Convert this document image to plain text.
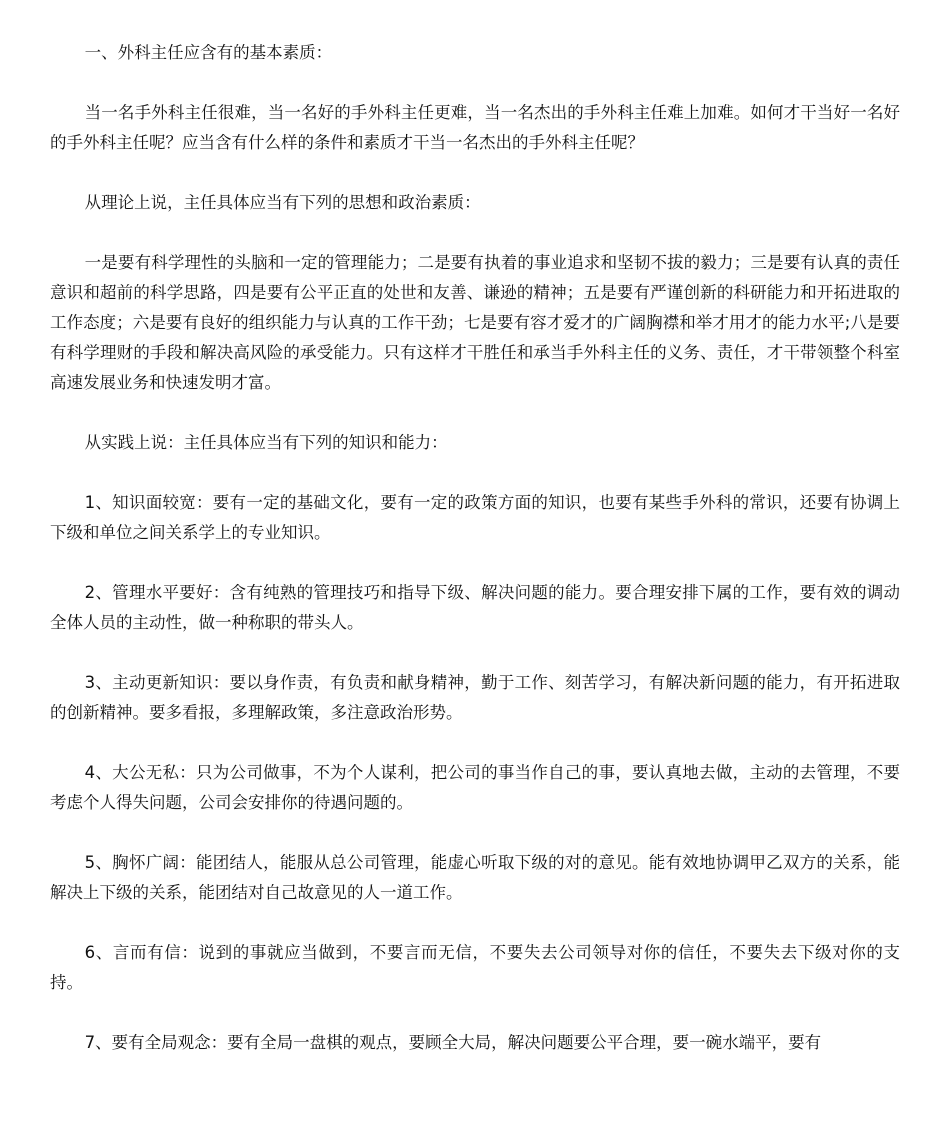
一、外科主任应含有的基本素质：

当一名手外科主任很难，当一名好的手外科主任更难，当一名杰出的手外科主任难上加难。如何才干当好一名好的手外科主任呢？应当含有什么样的条件和素质才干当一名杰出的手外科主任呢？

从理论上说，主任具体应当有下列的思想和政治素质：

一是要有科学理性的头脑和一定的管理能力；二是要有执着的事业追求和坚韧不拔的毅力；三是要有认真的责任意识和超前的科学思路，四是要有公平正直的处世和友善、谦逊的精神；五是要有严谨创新的科研能力和开拓进取的工作态度；六是要有良好的组织能力与认真的工作干劲；七是要有容才爱才的广阔胸襟和举才用才的能力水平;八是要有科学理财的手段和解决高风险的承受能力。只有这样才干胜任和承当手外科主任的义务、责任，才干带领整个科室高速发展业务和快速发明才富。

从实践上说：主任具体应当有下列的知识和能力：

1、知识面较宽：要有一定的基础文化，要有一定的政策方面的知识，也要有某些手外科的常识，还要有协调上下级和单位之间关系学上的专业知识。

2、管理水平要好：含有纯熟的管理技巧和指导下级、解决问题的能力。要合理安排下属的工作，要有效的调动全体人员的主动性，做一种称职的带头人。

3、主动更新知识：要以身作责，有负责和献身精神，勤于工作、刻苦学习，有解决新问题的能力，有开拓进取的创新精神。要多看报，多理解政策，多注意政治形势。

4、大公无私：只为公司做事，不为个人谋利，把公司的事当作自己的事，要认真地去做，主动的去管理，不要考虑个人得失问题，公司会安排你的待遇问题的。

5、胸怀广阔：能团结人，能服从总公司管理，能虚心听取下级的对的意见。能有效地协调甲乙双方的关系，能解决上下级的关系，能团结对自己故意见的人一道工作。

6、言而有信：说到的事就应当做到，不要言而无信，不要失去公司领导对你的信任，不要失去下级对你的支持。

7、要有全局观念：要有全局一盘棋的观点，要顾全大局，解决问题要公平合理，要一碗水端平，要有
